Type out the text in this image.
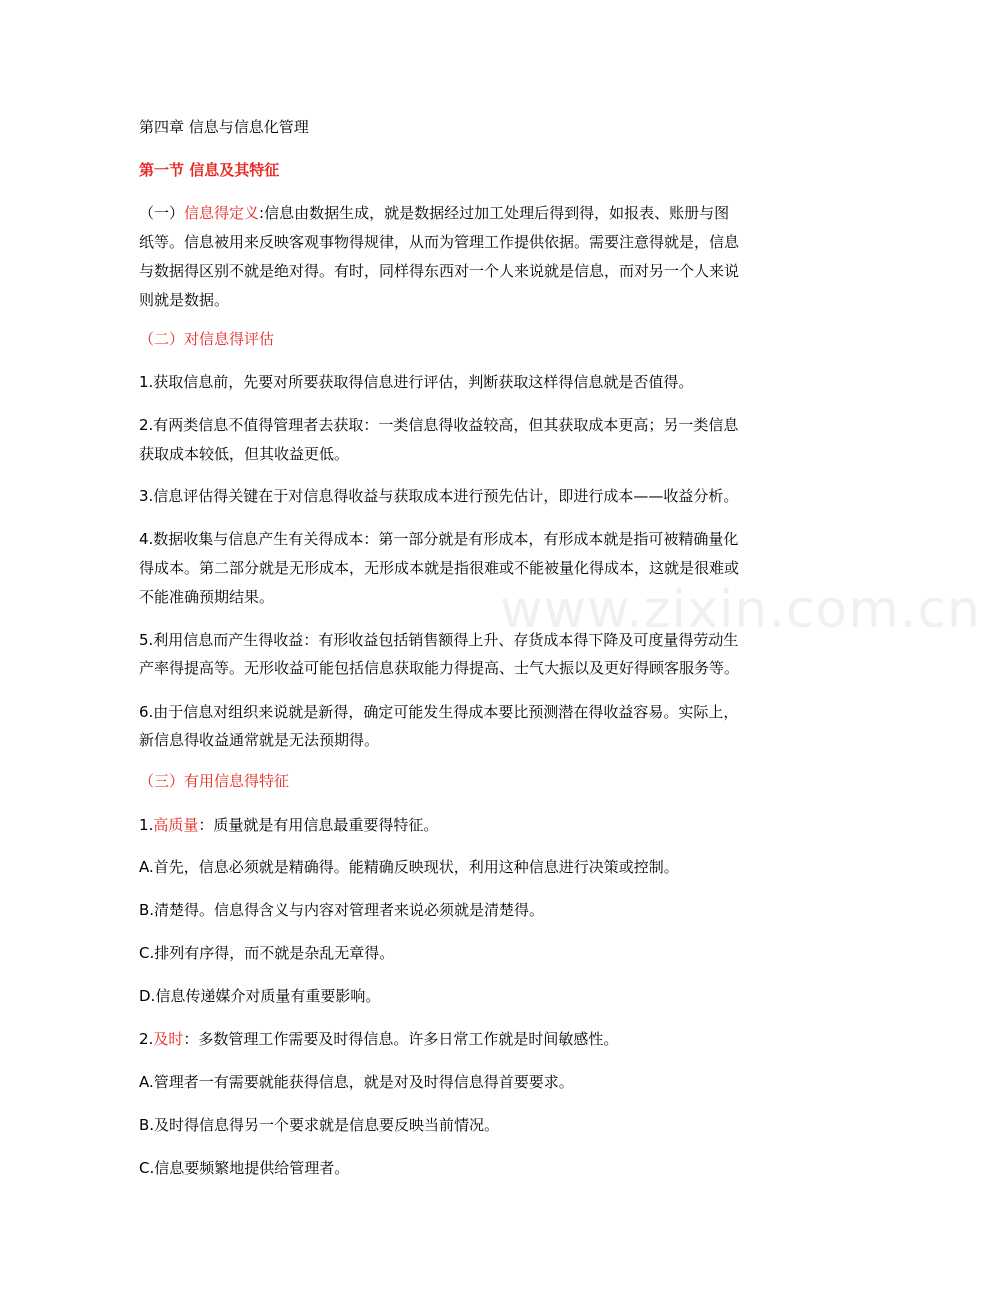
www.zixin.com.cn
第四章 信息与信息化管理
第一节 信息及其特征
（一）信息得定义:信息由数据生成，就是数据经过加工处理后得到得，如报表、账册与图
纸等。信息被用来反映客观事物得规律，从而为管理工作提供依据。需要注意得就是，信息
与数据得区别不就是绝对得。有时，同样得东西对一个人来说就是信息，而对另一个人来说
则就是数据。
（二）对信息得评估
1.获取信息前，先要对所要获取得信息进行评估，判断获取这样得信息就是否值得。
2.有两类信息不值得管理者去获取：一类信息得收益较高，但其获取成本更高；另一类信息
获取成本较低，但其收益更低。
3.信息评估得关键在于对信息得收益与获取成本进行预先估计，即进行成本——收益分析。
4.数据收集与信息产生有关得成本：第一部分就是有形成本，有形成本就是指可被精确量化
得成本。第二部分就是无形成本，无形成本就是指很难或不能被量化得成本，这就是很难或
不能准确预期结果。
5.利用信息而产生得收益：有形收益包括销售额得上升、存货成本得下降及可度量得劳动生
产率得提高等。无形收益可能包括信息获取能力得提高、士气大振以及更好得顾客服务等。
6.由于信息对组织来说就是新得，确定可能发生得成本要比预测潜在得收益容易。实际上，
新信息得收益通常就是无法预期得。
（三）有用信息得特征
1.高质量：质量就是有用信息最重要得特征。
A.首先，信息必须就是精确得。能精确反映现状，利用这种信息进行决策或控制。
B.清楚得。信息得含义与内容对管理者来说必须就是清楚得。
C.排列有序得，而不就是杂乱无章得。
D.信息传递媒介对质量有重要影响。
2.及时：多数管理工作需要及时得信息。许多日常工作就是时间敏感性。
A.管理者一有需要就能获得信息，就是对及时得信息得首要要求。
B.及时得信息得另一个要求就是信息要反映当前情况。
C.信息要频繁地提供给管理者。
